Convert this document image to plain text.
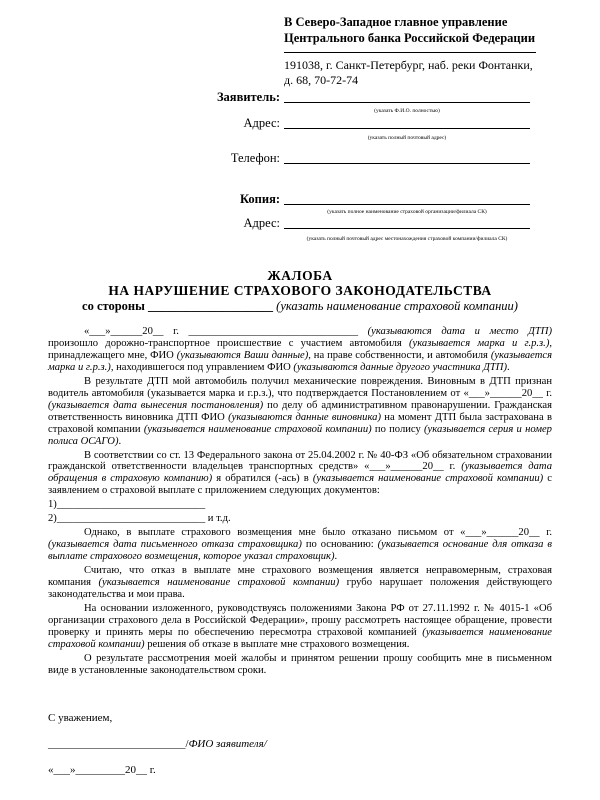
В Северо-Западное главное управление
Центрального банка Российской Федерации
191038, г. Санкт-Петербург, наб. реки Фонтанки,
д. 68, 70-72-74
Заявитель:
(указать Ф.И.О. полностью)
Адрес:
(указать полный почтовый адрес)
Телефон:
Копия:
(указать полное наименование страховой организации/филиала СК)
Адрес:
(указать полный почтовый адрес местонахождения страховой компании/филиала СК)
ЖАЛОБА
НА НАРУШЕНИЕ СТРАХОВОГО ЗАКОНОДАТЕЛЬСТВА
со стороны ____________________ (указать наименование страховой компании)

«___»______20__ г. ________________________________ (указываются дата и место ДТП) произошло дорожно-транспортное происшествие с участием автомобиля (указывается марка и г.р.з.), принадлежащего мне, ФИО (указываются Ваши данные), на праве собственности, и автомобиля (указывается марка и г.р.з.), находившегося под управлением ФИО (указываются данные другого участника ДТП).

В результате ДТП мой автомобиль получил механические повреждения. Виновным в ДТП признан водитель автомобиля (указывается марка и г.р.з.), что подтверждается Постановлением от «___»______20__ г. (указывается дата вынесения постановления) по делу об административном правонарушении. Гражданская ответственность виновника ДТП ФИО (указываются данные виновника) на момент ДТП была застрахована в страховой компании (указывается наименование страховой компании) по полису (указывается серия и номер полиса ОСАГО).

В соответствии со ст. 13 Федерального закона от 25.04.2002 г. № 40-ФЗ «Об обязательном страховании гражданской ответственности владельцев транспортных средств» «___»______20__ г. (указывается дата обращения в страховую компанию) я обратился (-ась) в (указывается наименование страховой компании) с заявлением о страховой выплате с приложением следующих документов:

1)____________________________

2)____________________________ и т.д.

Однако, в выплате страхового возмещения мне было отказано письмом от «___»______20__ г. (указывается дата письменного отказа страховщика) по основанию: (указывается основание для отказа в выплате страхового возмещения, которое указал страховщик).

Считаю, что отказ в выплате мне страхового возмещения является неправомерным, страховая компания (указывается наименование страховой компании) грубо нарушает положения действующего законодательства и мои права.

На основании изложенного, руководствуясь положениями Закона РФ от 27.11.1992 г. № 4015-1 «Об организации страхового дела в Российской Федерации», прошу рассмотреть настоящее обращение, провести проверку и принять меры по обеспечению пересмотра страховой компанией (указывается наименование страховой компании) решения об отказе в выплате мне страхового возмещения.

О результате рассмотрения моей жалобы и принятом решении прошу сообщить мне в письменном виде в установленные законодательством сроки.

С уважением,
_________________________/ФИО заявителя/
«___»_________20__ г.
